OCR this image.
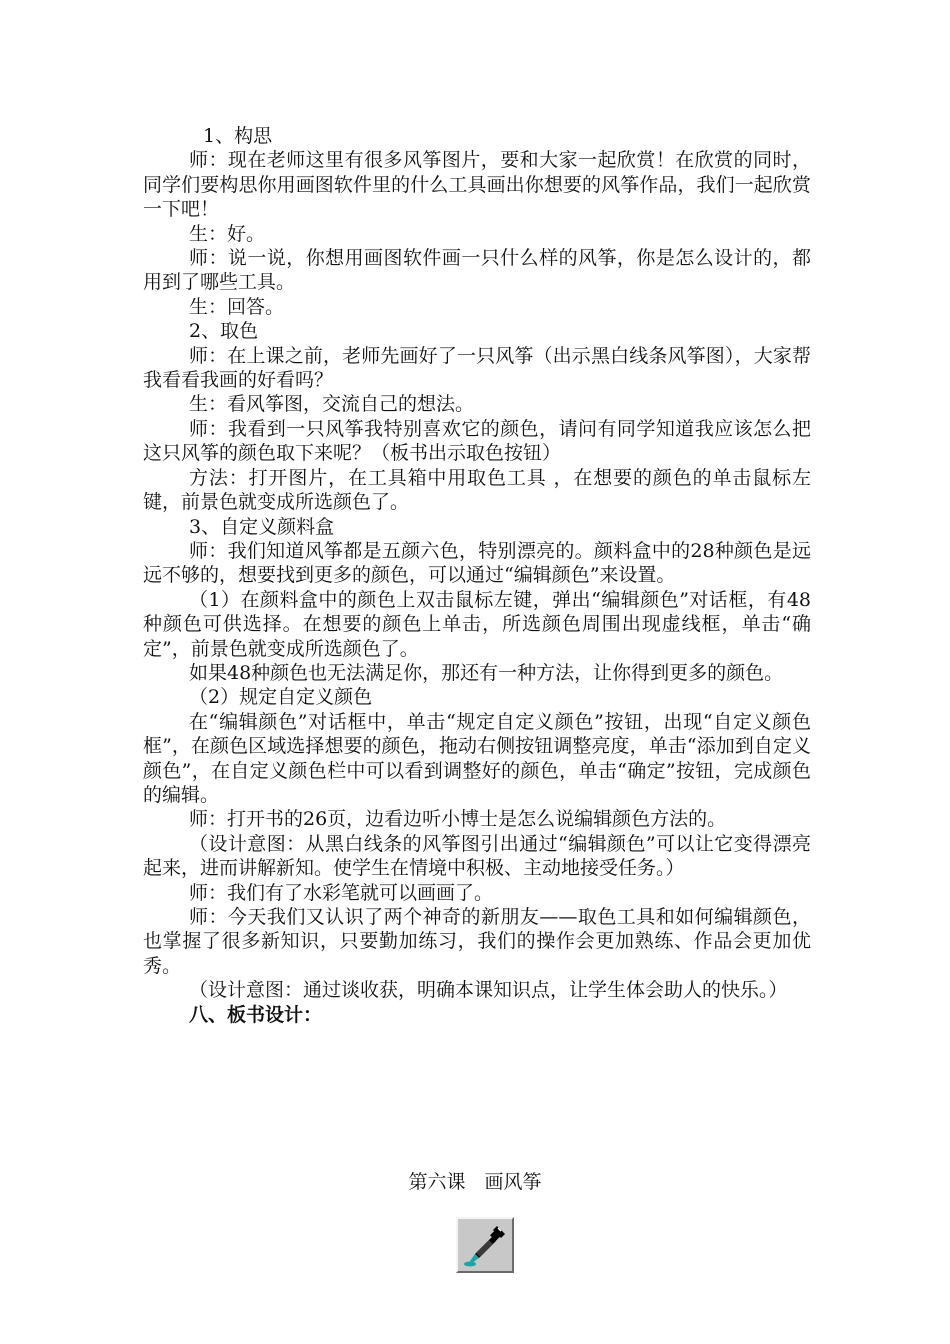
1、构思

师：现在老师这里有很多风筝图片，要和大家一起欣赏！在欣赏的同时，同学们要构思你用画图软件里的什么工具画出你想要的风筝作品，我们一起欣赏一下吧！

生：好。

师：说一说，你想用画图软件画一只什么样的风筝，你是怎么设计的，都用到了哪些工具。

生：回答。

2、取色

师：在上课之前，老师先画好了一只风筝（出示黑白线条风筝图），大家帮我看看我画的好看吗？

生：看风筝图，交流自己的想法。

师：我看到一只风筝我特别喜欢它的颜色，请问有同学知道我应该怎么把这只风筝的颜色取下来呢？（板书出示取色按钮）

方法：打开图片，在工具箱中用取色工具 ，在想要的颜色的单击鼠标左键，前景色就变成所选颜色了。

3、自定义颜料盒

师：我们知道风筝都是五颜六色，特别漂亮的。颜料盒中的28种颜色是远远不够的，想要找到更多的颜色，可以通过“编辑颜色”来设置。

（1）在颜料盒中的颜色上双击鼠标左键，弹出“编辑颜色”对话框，有48种颜色可供选择。在想要的颜色上单击，所选颜色周围出现虚线框，单击“确定”，前景色就变成所选颜色了。

如果48种颜色也无法满足你，那还有一种方法，让你得到更多的颜色。

（2）规定自定义颜色

在“编辑颜色”对话框中，单击“规定自定义颜色”按钮，出现“自定义颜色框”，在颜色区域选择想要的颜色，拖动右侧按钮调整亮度，单击“添加到自定义颜色”，在自定义颜色栏中可以看到调整好的颜色，单击“确定”按钮，完成颜色的编辑。

师：打开书的26页，边看边听小博士是怎么说编辑颜色方法的。

（设计意图：从黑白线条的风筝图引出通过“编辑颜色”可以让它变得漂亮起来，进而讲解新知。使学生在情境中积极、主动地接受任务。）

师：我们有了水彩笔就可以画画了。

师：今天我们又认识了两个神奇的新朋友——取色工具和如何编辑颜色，也掌握了很多新知识，只要勤加练习，我们的操作会更加熟练、作品会更加优秀。

（设计意图：通过谈收获，明确本课知识点，让学生体会助人的快乐。）

八、板书设计：

第六课　画风筝
